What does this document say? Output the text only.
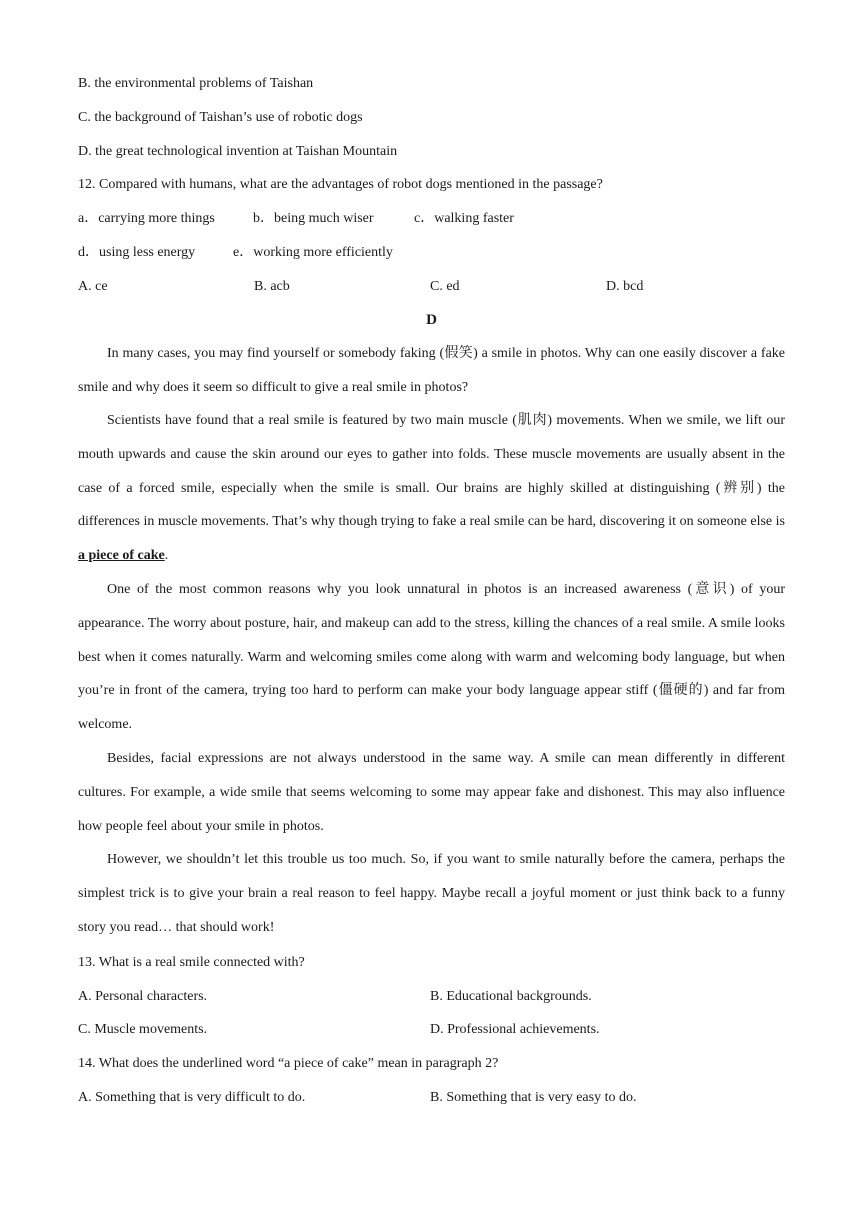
B. the environmental problems of Taishan
C. the background of Taishan’s use of robotic dogs
D. the great technological invention at Taishan Mountain
12. Compared with humans, what are the advantages of robot dogs mentioned in the passage?
a．carrying more things	b．being much wiser	c．walking faster
d．using less energy	e．working more efficiently
A. ce	B. acb	C. ed	D. bcd
D

In many cases, you may find yourself or somebody faking (假笑) a smile in photos. Why can one easily discover a fake smile and why does it seem so difficult to give a real smile in photos?

Scientists have found that a real smile is featured by two main muscle (肌肉) movements. When we smile, we lift our mouth upwards and cause the skin around our eyes to gather into folds. These muscle movements are usually absent in the case of a forced smile, especially when the smile is small. Our brains are highly skilled at distinguishing (辨别) the differences in muscle movements. That’s why though trying to fake a real smile can be hard, discovering it on someone else is a piece of cake.

One of the most common reasons why you look unnatural in photos is an increased awareness (意识) of your appearance. The worry about posture, hair, and makeup can add to the stress, killing the chances of a real smile. A smile looks best when it comes naturally. Warm and welcoming smiles come along with warm and welcoming body language, but when you’re in front of the camera, trying too hard to perform can make your body language appear stiff (僵硬的) and far from welcome.

Besides, facial expressions are not always understood in the same way. A smile can mean differently in different cultures. For example, a wide smile that seems welcoming to some may appear fake and dishonest. This may also influence how people feel about your smile in photos.

However, we shouldn’t let this trouble us too much. So, if you want to smile naturally before the camera, perhaps the simplest trick is to give your brain a real reason to feel happy. Maybe recall a joyful moment or just think back to a funny story you read… that should work!

13. What is a real smile connected with?
A. Personal characters.	B. Educational backgrounds.
C. Muscle movements.	D. Professional achievements.
14. What does the underlined word “a piece of cake” mean in paragraph 2?
A. Something that is very difficult to do.	B. Something that is very easy to do.
